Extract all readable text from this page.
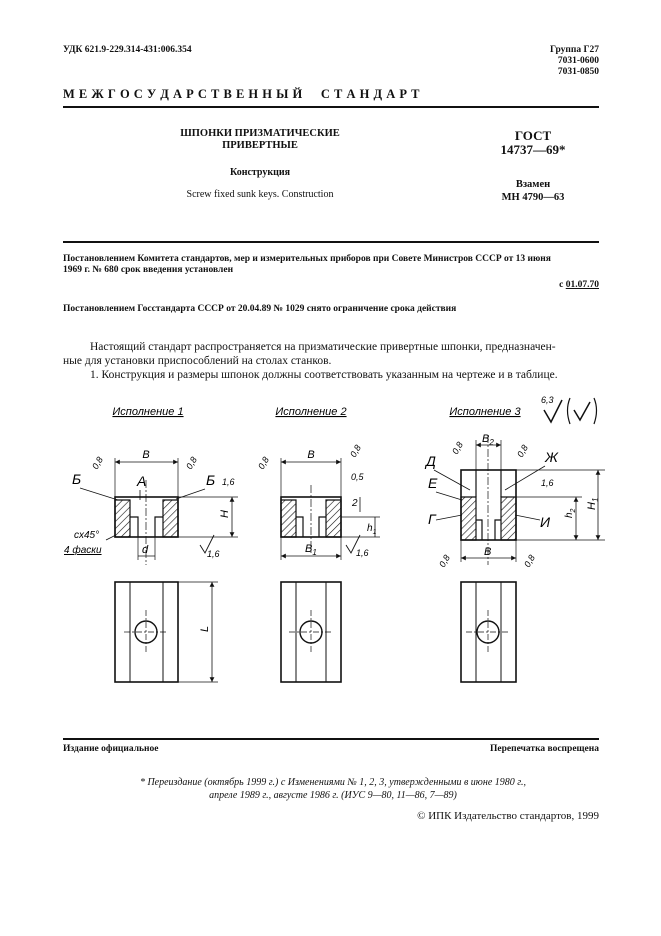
УДК 621.9-229.314-431:006.354	Группа Г27
7031-0600
7031-0850
М Е Ж Г О С У Д А Р С Т В Е Н Н Ы Й     С Т А Н Д А Р Т
ШПОНКИ ПРИЗМАТИЧЕСКИЕ
ПРИВЕРТНЫЕ
Конструкция
Screw fixed sunk keys. Construction
ГОСТ
14737—69*
Взамен
МН 4790—63
Постановлением Комитета стандартов, мер и измерительных приборов при Совете Министров СССР от 13 июня
1969 г. № 680 срок введения установлен
с 01.07.70
Постановлением Госстандарта СССР от 20.04.89 № 1029 снято ограничение срока действия
Настоящий стандарт распространяется на призматические привертные шпонки, предназначен-
ные для установки приспособлений на столах станков.
1. Конструкция и размеры шпонок должны соответствовать указанным на чертеже и в таблице.
Исполнение 1	Исполнение 2	Исполнение 3
6,3
B
H
d
А
Б	Б
0,8	0,8
1,6
1,6
cx45°
4 фаски
B
$B_1$
$h_1$
2
0,5
0,8
0,8
1,6
$B_2$
B
$H_1$
$h_2$
Д
Е
Г
Ж
И
0,8	0,8
1,6
0,8	0,8
L
Издание официальное	Перепечатка воспрещена
* Переиздание (октябрь 1999 г.) с Изменениями № 1, 2, 3, утвержденными в июне 1980 г.,
апреле 1989 г., августе 1986 г. (ИУС 9—80, 11—86, 7—89)
© ИПК Издательство стандартов, 1999
